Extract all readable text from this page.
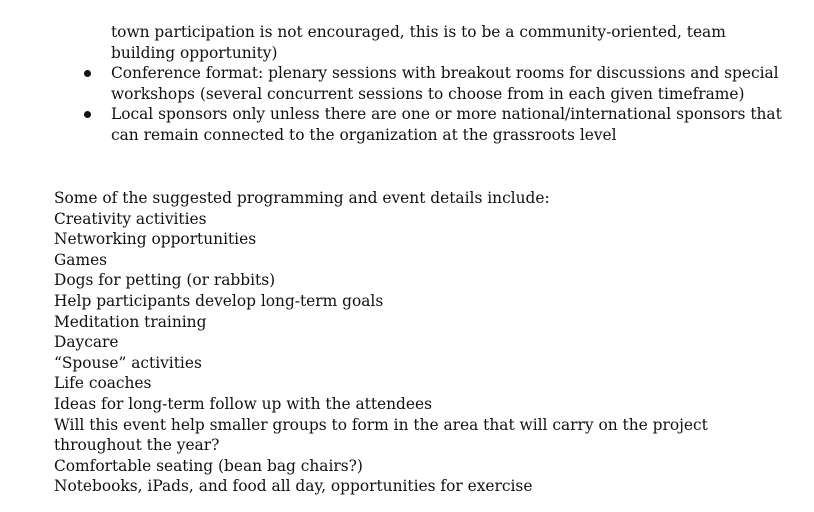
town participation is not encouraged, this is to be a community-oriented, team building opportunity)
Conference format: plenary sessions with breakout rooms for discussions and special workshops (several concurrent sessions to choose from in each given timeframe)
Local sponsors only unless there are one or more national/international sponsors that can remain connected to the organization at the grassroots level

Some of the suggested programming and event details include:

Creativity activities
Networking opportunities
Games
Dogs for petting (or rabbits)
Help participants develop long-term goals
Meditation training
Daycare
“Spouse” activities
Life coaches
Ideas for long-term follow up with the attendees
Will this event help smaller groups to form in the area that will carry on the project throughout the year?
Comfortable seating (bean bag chairs?)
Notebooks, iPads, and food all day, opportunities for exercise
